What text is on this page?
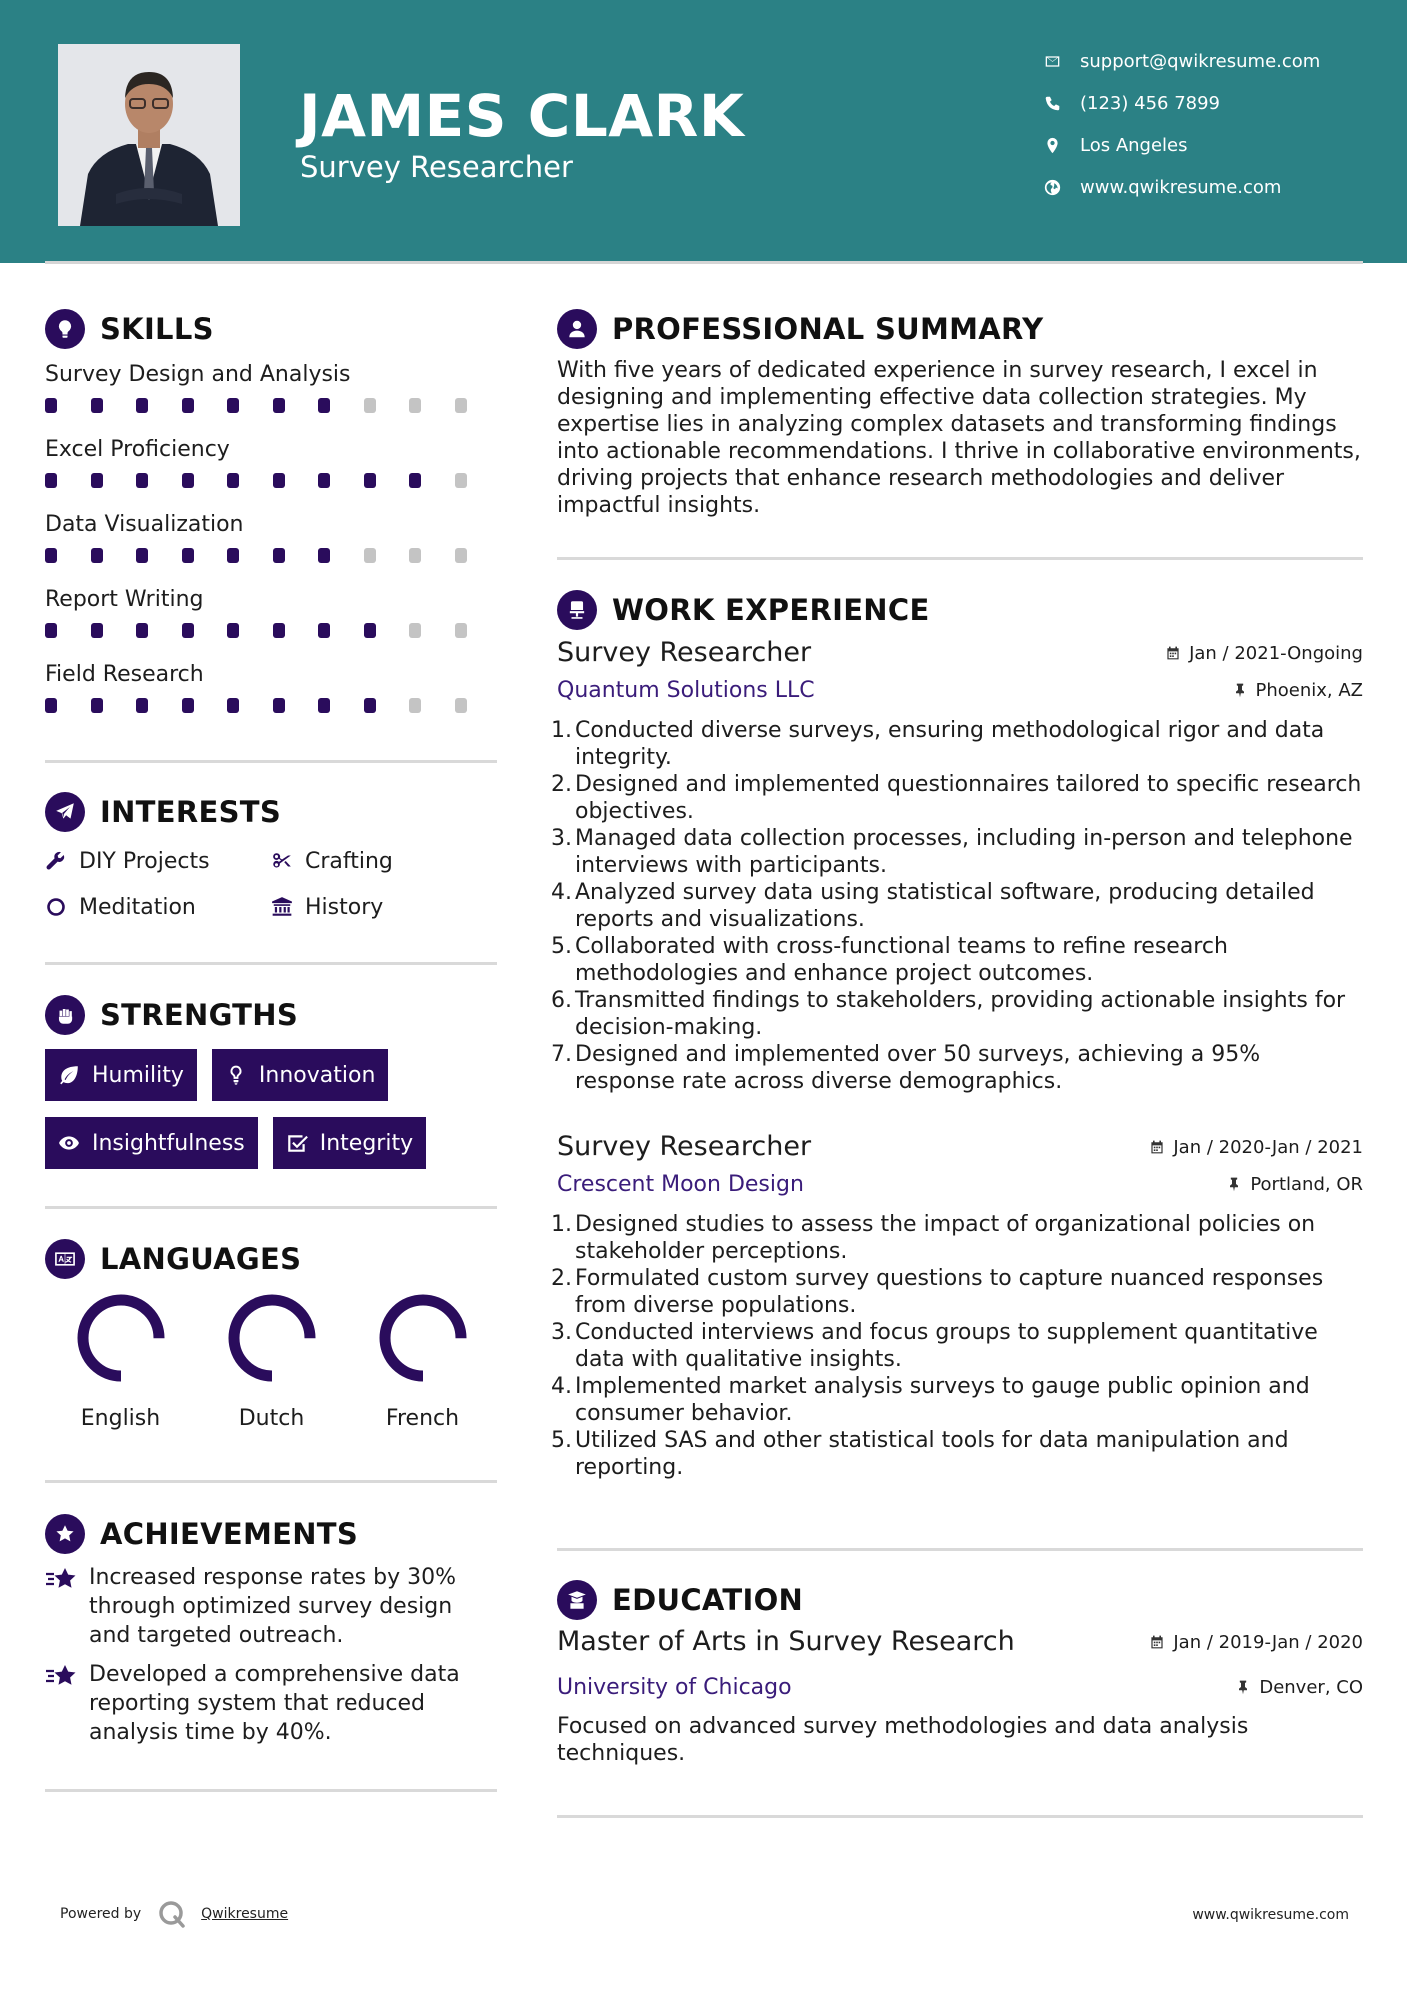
JAMES CLARK
Survey Researcher
support@qwikresume.com
(123) 456 7899
Los Angeles
www.qwikresume.com
SKILLS
Survey Design and Analysis
Excel Proficiency
Data Visualization
Report Writing
Field Research
INTERESTS
DIY Projects	Crafting
Meditation	History
STRENGTHS
Humility	Innovation
Insightfulness	Integrity
LANGUAGES
English	Dutch	French
ACHIEVEMENTS
Increased response rates by 30% through optimized survey design and targeted outreach.
Developed a comprehensive data reporting system that reduced analysis time by 40%.
PROFESSIONAL SUMMARY
With five years of dedicated experience in survey research, I excel in designing and implementing effective data collection strategies. My expertise lies in analyzing complex datasets and transforming findings into actionable recommendations. I thrive in collaborative environments, driving projects that enhance research methodologies and deliver impactful insights.
WORK EXPERIENCE
Survey Researcher	Jan / 2021-Ongoing
Quantum Solutions LLC	Phoenix, AZ
1. Conducted diverse surveys, ensuring methodological rigor and data integrity.
2. Designed and implemented questionnaires tailored to specific research objectives.
3. Managed data collection processes, including in-person and telephone interviews with participants.
4. Analyzed survey data using statistical software, producing detailed reports and visualizations.
5. Collaborated with cross-functional teams to refine research methodologies and enhance project outcomes.
6. Transmitted findings to stakeholders, providing actionable insights for decision-making.
7. Designed and implemented over 50 surveys, achieving a 95% response rate across diverse demographics.
Survey Researcher	Jan / 2020-Jan / 2021
Crescent Moon Design	Portland, OR
1. Designed studies to assess the impact of organizational policies on stakeholder perceptions.
2. Formulated custom survey questions to capture nuanced responses from diverse populations.
3. Conducted interviews and focus groups to supplement quantitative data with qualitative insights.
4. Implemented market analysis surveys to gauge public opinion and consumer behavior.
5. Utilized SAS and other statistical tools for data manipulation and reporting.
EDUCATION
Master of Arts in Survey Research	Jan / 2019-Jan / 2020
University of Chicago	Denver, CO
Focused on advanced survey methodologies and data analysis techniques.
Powered by	Qwikresume	www.qwikresume.com
